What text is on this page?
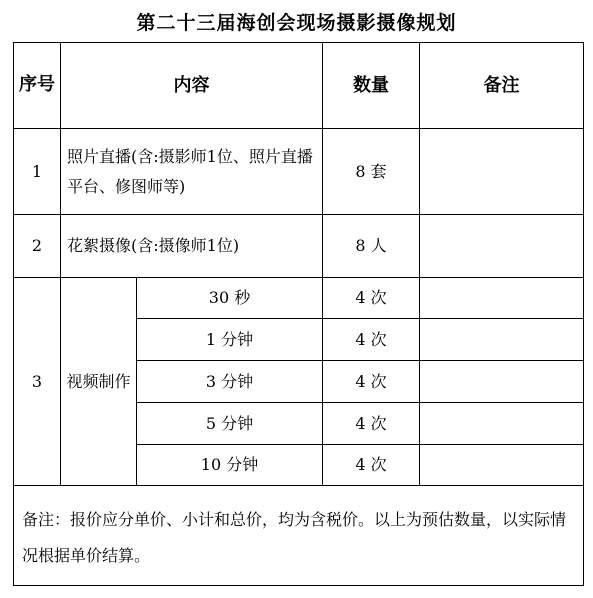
第二十三届海创会现场摄影摄像规划
序号	内容		数量	备注
1	照片直播(含:摄影师1位、照片直播平台、修图师等)		8 套	
2	花絮摄像(含:摄像师1位)		8 人	
3	视频制作	30 秒	4 次	
		1 分钟	4 次	
		3 分钟	4 次	
		5 分钟	4 次	
		10 分钟	4 次	
备注：报价应分单价、小计和总价，均为含税价。以上为预估数量，以实际情况根据单价结算。				
